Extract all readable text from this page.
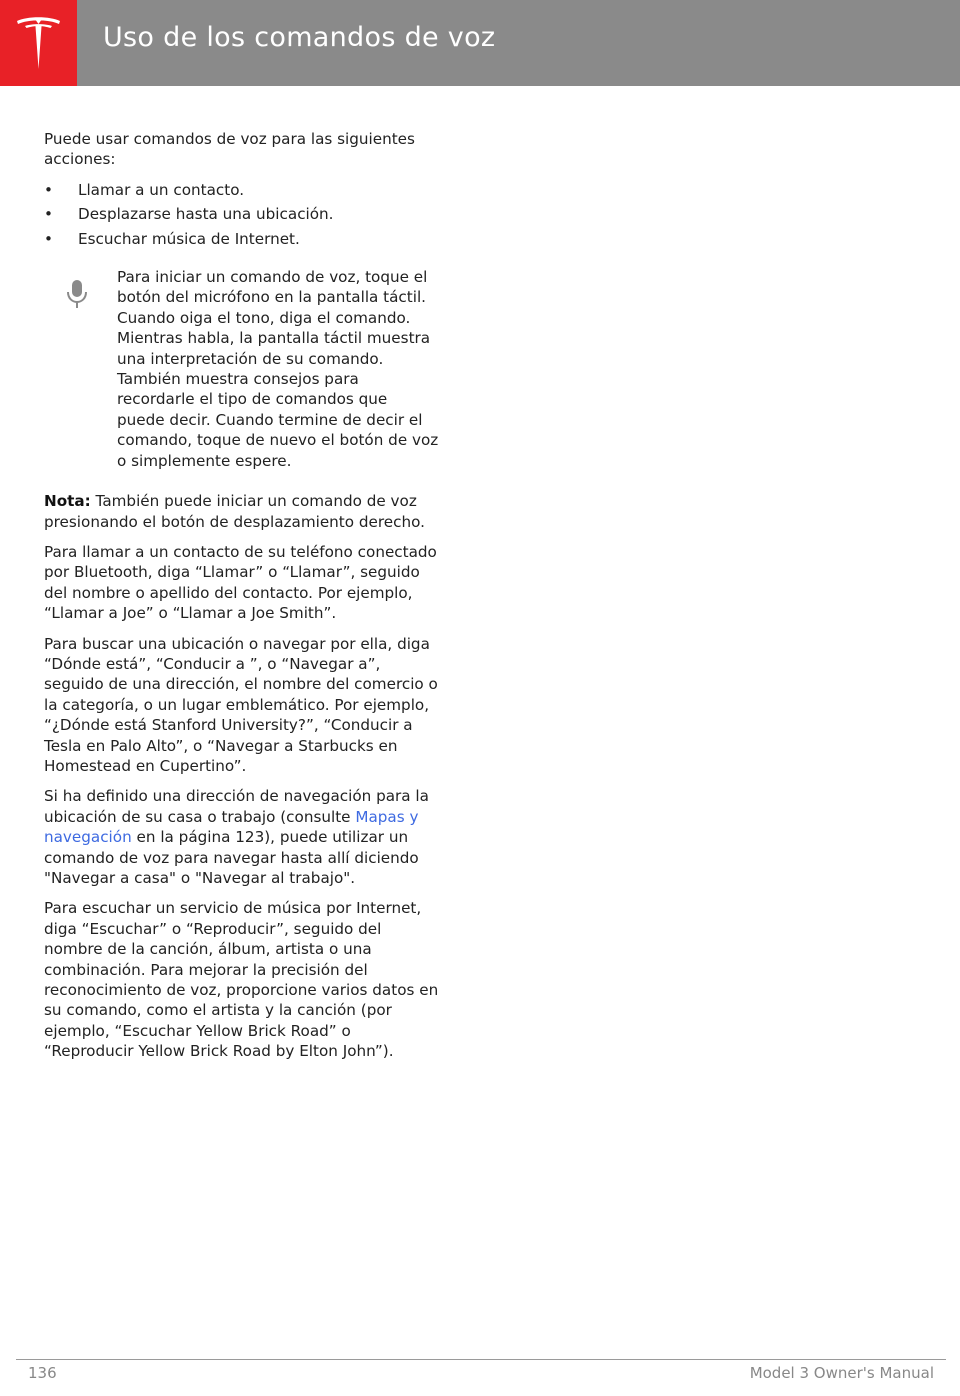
Uso de los comandos de voz

Puede usar comandos de voz para las siguientes acciones:

• Llamar a un contacto.
• Desplazarse hasta una ubicación.
• Escuchar música de Internet.

Para iniciar un comando de voz, toque el botón del micrófono en la pantalla táctil. Cuando oiga el tono, diga el comando. Mientras habla, la pantalla táctil muestra una interpretación de su comando. También muestra consejos para recordarle el tipo de comandos que puede decir. Cuando termine de decir el comando, toque de nuevo el botón de voz o simplemente espere.

Nota: También puede iniciar un comando de voz presionando el botón de desplazamiento derecho.

Para llamar a un contacto de su teléfono conectado por Bluetooth, diga “Llamar” o “Llamar”, seguido del nombre o apellido del contacto. Por ejemplo, “Llamar a Joe” o “Llamar a Joe Smith”.

Para buscar una ubicación o navegar por ella, diga “Dónde está”, “Conducir a ”, o “Navegar a”, seguido de una dirección, el nombre del comercio o la categoría, o un lugar emblemático. Por ejemplo, “¿Dónde está Stanford University?”, “Conducir a Tesla en Palo Alto”, o “Navegar a Starbucks en Homestead en Cupertino”.

Si ha definido una dirección de navegación para la ubicación de su casa o trabajo (consulte Mapas y navegación en la página 123), puede utilizar un comando de voz para navegar hasta allí diciendo "Navegar a casa" o "Navegar al trabajo".

Para escuchar un servicio de música por Internet, diga “Escuchar” o “Reproducir”, seguido del nombre de la canción, álbum, artista o una combinación. Para mejorar la precisión del reconocimiento de voz, proporcione varios datos en su comando, como el artista y la canción (por ejemplo, “Escuchar Yellow Brick Road” o “Reproducir Yellow Brick Road by Elton John”).

136	Model 3 Owner's Manual
